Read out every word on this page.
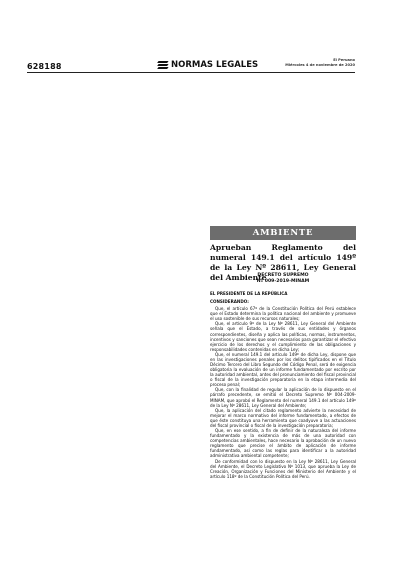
628188	NORMAS LEGALES	El Peruano
Miércoles 4 de noviembre de 2020
AMBIENTE
Aprueban Reglamento del numeral 149.1 del artículo 149º de la Ley Nº 28611, Ley General del Ambiente
DECRETO SUPREMO
Nº 009-2019-MINAM

EL PRESIDENTE DE LA REPÚBLICA

CONSIDERANDO:

Que, el artículo 67º de la Constitución Política del Perú establece que el Estado determina la política nacional del ambiente y promueve el uso sostenible de sus recursos naturales;

Que, el artículo 9º de la Ley Nº 28611, Ley General del Ambiente señala que el Estado, a través de sus entidades y órganos correspondientes, diseña y aplica las políticas, normas, instrumentos, incentivos y sanciones que sean necesarios para garantizar el efectivo ejercicio de los derechos y el cumplimiento de las obligaciones y responsabilidades contenidas en dicha Ley;

Que, el numeral 149.1 del artículo 149º de dicha Ley, dispone que en las investigaciones penales por los delitos tipificados en el Título Décimo Tercero del Libro Segundo del Código Penal, será de exigencia obligatoria la evaluación de un informe fundamentado por escrito por la autoridad ambiental, antes del pronunciamiento del fiscal provincial o fiscal de la investigación preparatoria en la etapa intermedia del proceso penal;

Que, con la finalidad de regular la aplicación de lo dispuesto en el párrafo precedente, se emitió el Decreto Supremo Nº 004-2009-MINAM, que aprobó el Reglamento del numeral 149.1 del artículo 149º de la Ley Nº 28611, Ley General del Ambiente;

Que, la aplicación del citado reglamento advierte la necesidad de mejorar el marco normativo del informe fundamentado, a efectos de que éste constituya una herramienta que coadyuve a las actuaciones del fiscal provincial o fiscal de la investigación preparatoria;

Que, en ese sentido, a fin de definir de la naturaleza del informe fundamentado y la existencia de más de una autoridad con competencias ambientales, hace necesario la aprobación de un nuevo reglamento que precise el ámbito de aplicación de informe fundamentado, así como las reglas para identificar a la autoridad administrativa ambiental competente;

De conformidad con lo dispuesto en la Ley Nº 28611, Ley General del Ambiente, el Decreto Legislativo Nº 1013, que aprueba la Ley de Creación, Organización y Funciones del Ministerio del Ambiente y el artículo 118º de la Constitución Política del Perú.
